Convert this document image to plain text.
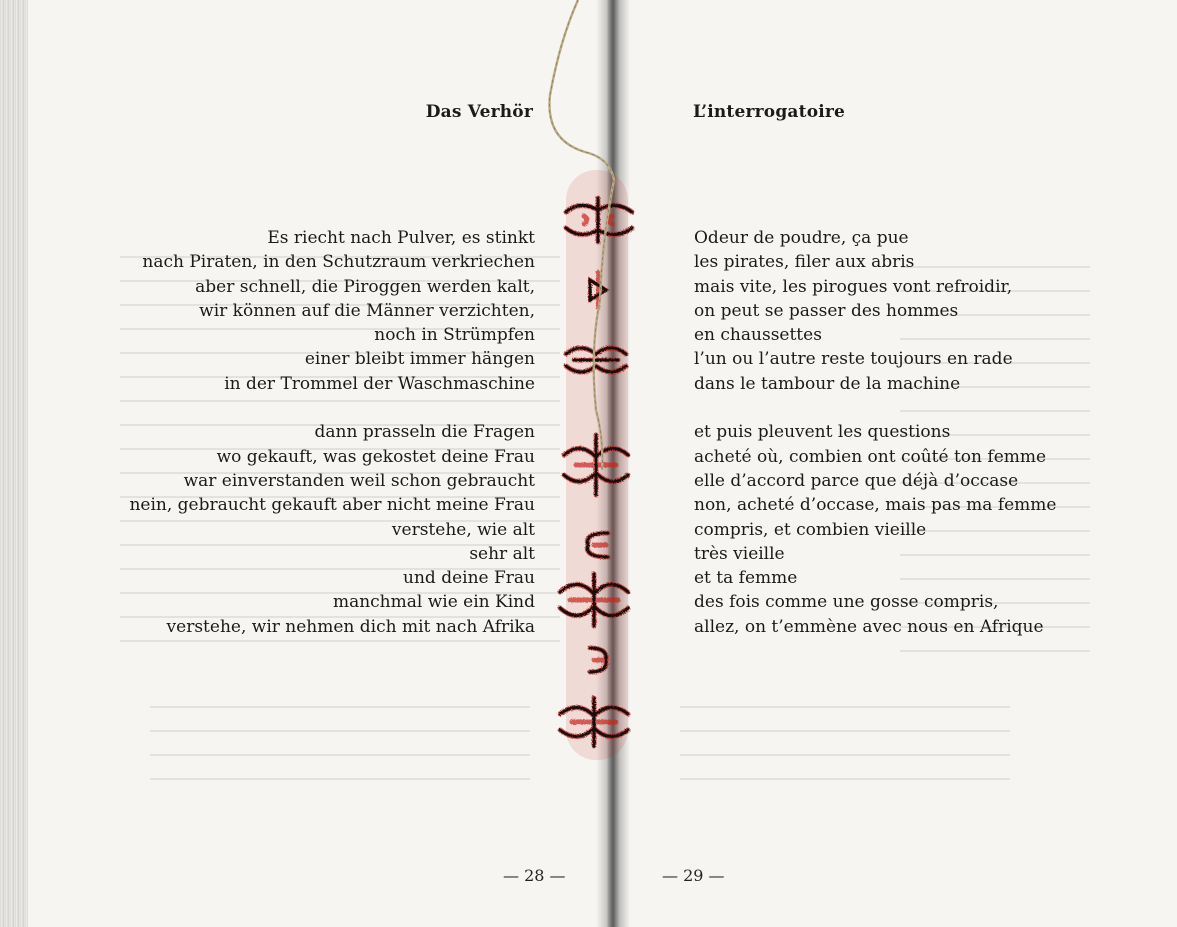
Das Verhör	L’interrogatoire
Es riecht nach Pulver, es stinkt
nach Piraten, in den Schutzraum verkriechen
aber schnell, die Piroggen werden kalt,
wir können auf die Männer verzichten,
noch in Strümpfen
einer bleibt immer hängen
in der Trommel der Waschmaschine
dann prasseln die Fragen
wo gekauft, was gekostet deine Frau
war einverstanden weil schon gebraucht
nein, gebraucht gekauft aber nicht meine Frau
verstehe, wie alt
sehr alt
und deine Frau
manchmal wie ein Kind
verstehe, wir nehmen dich mit nach Afrika
Odeur de poudre, ça pue
les pirates, filer aux abris
mais vite, les pirogues vont refroidir,
on peut se passer des hommes
en chaussettes
l’un ou l’autre reste toujours en rade
dans le tambour de la machine
et puis pleuvent les questions
acheté où, combien ont coûté ton femme
elle d’accord parce que déjà d’occase
non, acheté d’occase, mais pas ma femme
compris, et combien vieille
très vieille
et ta femme
des fois comme une gosse compris,
allez, on t’emmène avec nous en Afrique
— 28 —	— 29 —
